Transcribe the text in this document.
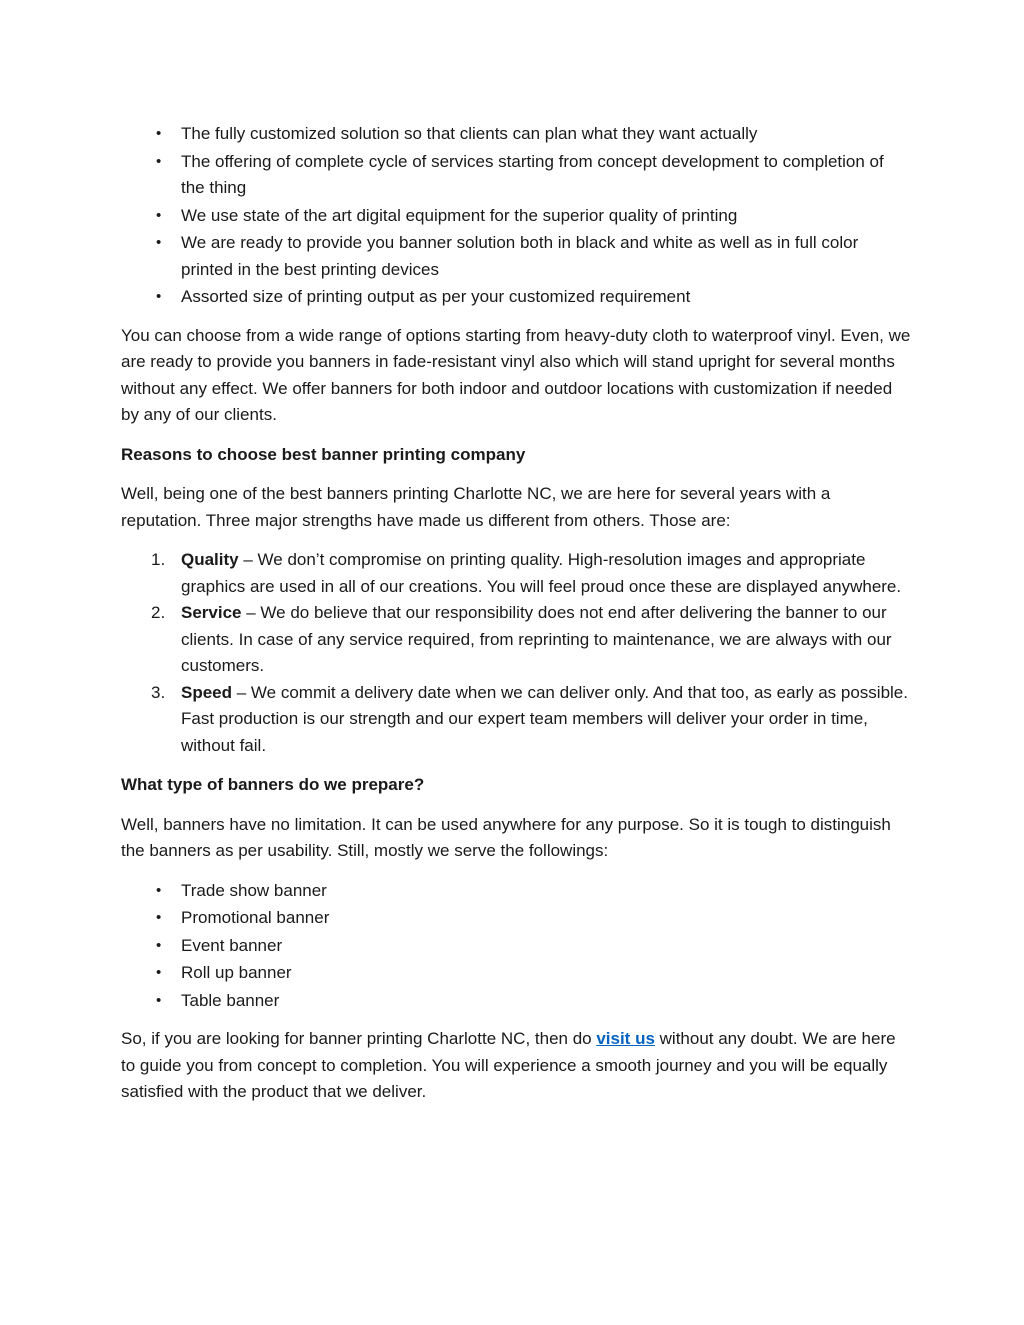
• The fully customized solution so that clients can plan what they want actually
• The offering of complete cycle of services starting from concept development to completion of the thing
• We use state of the art digital equipment for the superior quality of printing
• We are ready to provide you banner solution both in black and white as well as in full color printed in the best printing devices
• Assorted size of printing output as per your customized requirement

You can choose from a wide range of options starting from heavy-duty cloth to waterproof vinyl. Even, we are ready to provide you banners in fade-resistant vinyl also which will stand upright for several months without any effect. We offer banners for both indoor and outdoor locations with customization if needed by any of our clients.

Reasons to choose best banner printing company

Well, being one of the best banners printing Charlotte NC, we are here for several years with a reputation. Three major strengths have made us different from others. Those are:

1. Quality – We don’t compromise on printing quality. High-resolution images and appropriate graphics are used in all of our creations. You will feel proud once these are displayed anywhere.
2. Service – We do believe that our responsibility does not end after delivering the banner to our clients. In case of any service required, from reprinting to maintenance, we are always with our customers.
3. Speed – We commit a delivery date when we can deliver only. And that too, as early as possible. Fast production is our strength and our expert team members will deliver your order in time, without fail.

What type of banners do we prepare?

Well, banners have no limitation. It can be used anywhere for any purpose. So it is tough to distinguish the banners as per usability. Still, mostly we serve the followings:

• Trade show banner
• Promotional banner
• Event banner
• Roll up banner
• Table banner

So, if you are looking for banner printing Charlotte NC, then do visit us without any doubt. We are here to guide you from concept to completion. You will experience a smooth journey and you will be equally satisfied with the product that we deliver.
